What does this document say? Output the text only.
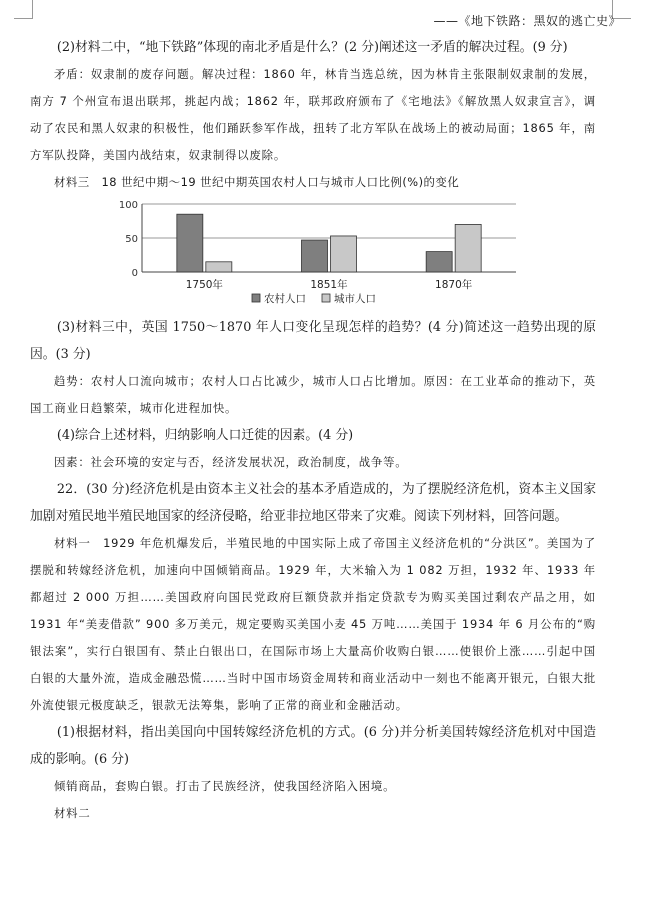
——《地下铁路：黑奴的逃亡史》

(2)材料二中，“地下铁路”体现的南北矛盾是什么？(2 分)阐述这一矛盾的解决过程。(9 分)

矛盾：奴隶制的废存问题。解决过程：1860 年，林肯当选总统，因为林肯主张限制奴隶制的发展，南方 7 个州宣布退出联邦，挑起内战；1862 年，联邦政府颁布了《宅地法》《解放黑人奴隶宣言》，调动了农民和黑人奴隶的积极性，他们踊跃参军作战，扭转了北方军队在战场上的被动局面；1865 年，南方军队投降，美国内战结束，奴隶制得以废除。

材料三　18 世纪中期～19 世纪中期英国农村人口与城市人口比例(%)的变化

0
50
100
1750年	1851年	1870年
农村人口	城市人口

(3)材料三中，英国 1750～1870 年人口变化呈现怎样的趋势？(4 分)简述这一趋势出现的原因。(3 分)

趋势：农村人口流向城市；农村人口占比减少，城市人口占比增加。原因：在工业革命的推动下，英国工商业日趋繁荣，城市化进程加快。

(4)综合上述材料，归纳影响人口迁徙的因素。(4 分)

因素：社会环境的安定与否，经济发展状况，政治制度，战争等。

22．(30 分)经济危机是由资本主义社会的基本矛盾造成的，为了摆脱经济危机，资本主义国家加剧对殖民地半殖民地国家的经济侵略，给亚非拉地区带来了灾难。阅读下列材料，回答问题。

材料一　1929 年危机爆发后，半殖民地的中国实际上成了帝国主义经济危机的“分洪区”。美国为了摆脱和转嫁经济危机，加速向中国倾销商品。1929 年，大米输入为 1 082 万担，1932 年、1933 年都超过 2 000 万担……美国政府向国民党政府巨额贷款并指定贷款专为购买美国过剩农产品之用，如 1931 年“美麦借款” 900 多万美元，规定要购买美国小麦 45 万吨……美国于 1934 年 6 月公布的“购银法案”，实行白银国有、禁止白银出口，在国际市场上大量高价收购白银……使银价上涨……引起中国白银的大量外流，造成金融恐慌……当时中国市场资金周转和商业活动中一刻也不能离开银元，白银大批外流使银元极度缺乏，银款无法筹集，影响了正常的商业和金融活动。

(1)根据材料，指出美国向中国转嫁经济危机的方式。(6 分)并分析美国转嫁经济危机对中国造成的影响。(6 分)

倾销商品，套购白银。打击了民族经济，使我国经济陷入困境。

材料二
